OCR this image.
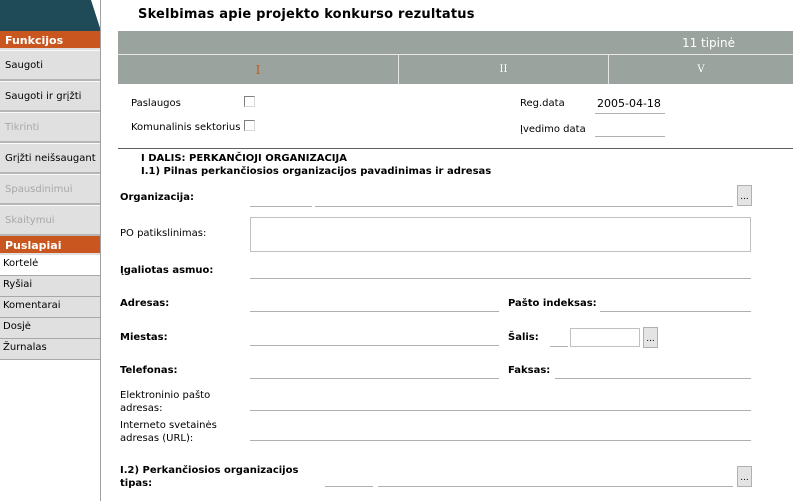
Funkcijos
Saugoti
Saugoti ir grįžti
Tikrinti
Grįžti neišsaugant
Spausdinimui
Skaitymui
Puslapiai
Kortelė
Ryšiai
Komentarai
Dosjė
Žurnalas
Skelbimas apie projekto konkurso rezultatus
11 tipinė
I	II	V
Paslaugos
Komunalinis sektorius
Reg.data	2005-04-18
Įvedimo data
I DALIS: PERKANČIOJI ORGANIZACIJA
I.1) Pilnas perkančiosios organizacijos pavadinimas ir adresas
Organizacija:	...
PO patikslinimas:
Įgaliotas asmuo:
Adresas:	Pašto indeksas:
Miestas:	Šalis:	...
Telefonas:	Faksas:
Elektroninio pašto
adresas:
Interneto svetainės
adresas (URL):
I.2) Perkančiosios organizacijos
tipas:	...
